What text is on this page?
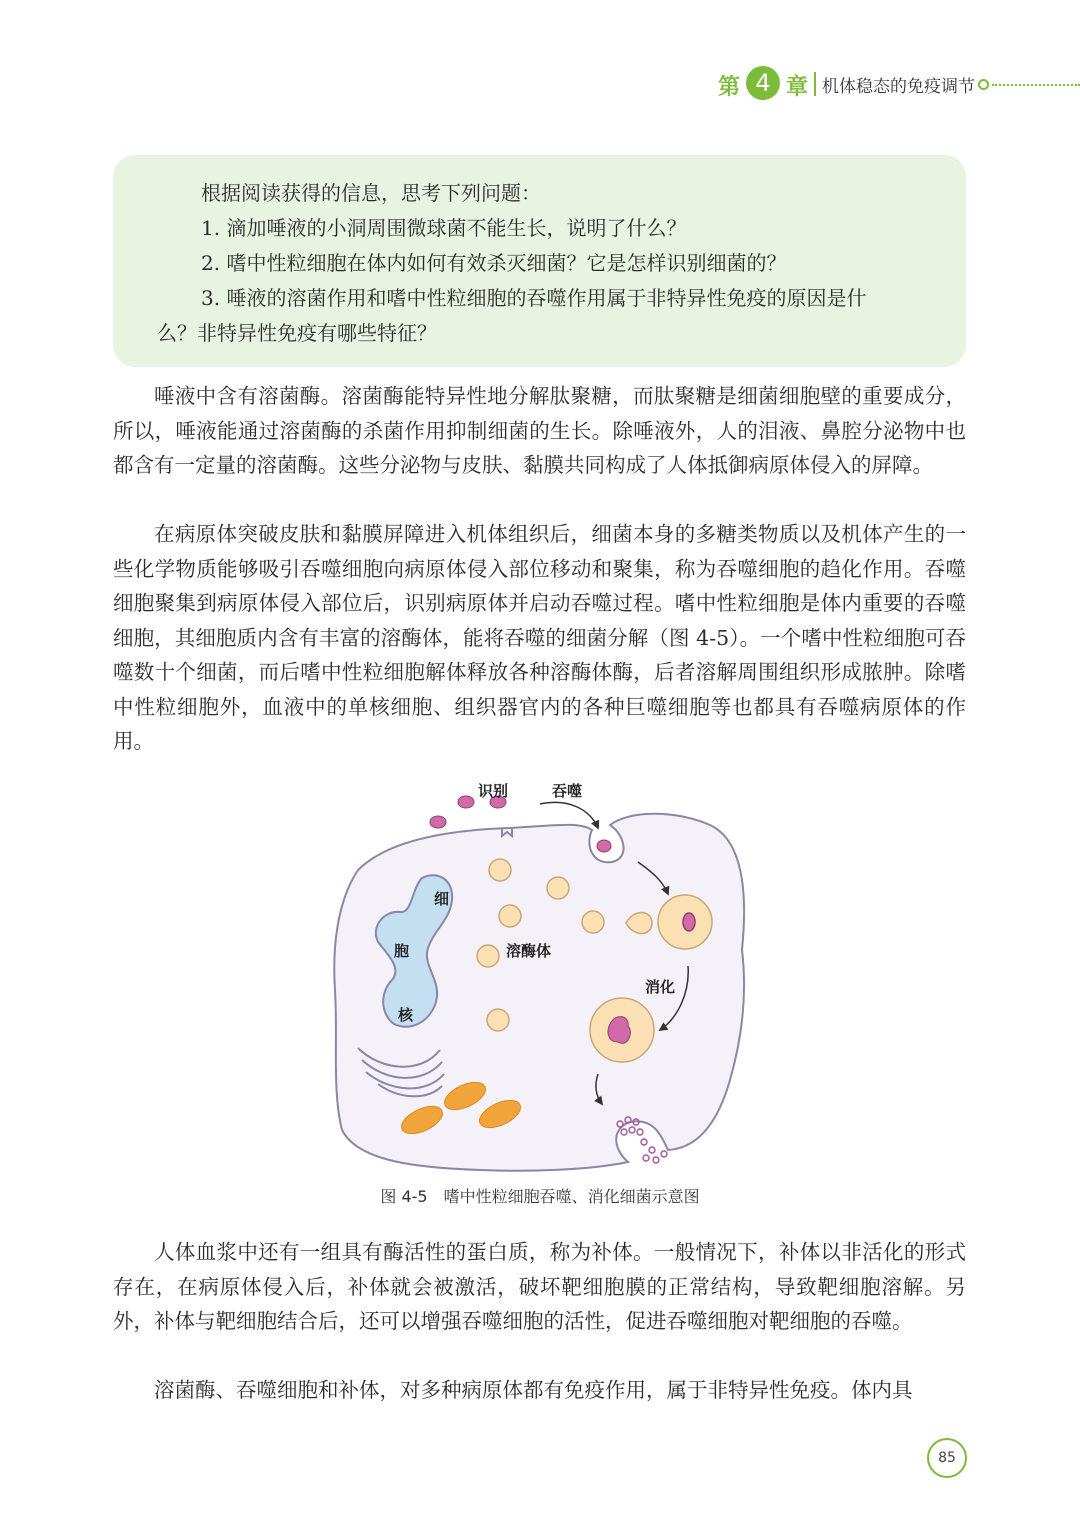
第 4 章 机体稳态的免疫调节
根据阅读获得的信息，思考下列问题：
1. 滴加唾液的小洞周围微球菌不能生长，说明了什么？
2. 嗜中性粒细胞在体内如何有效杀灭细菌？它是怎样识别细菌的？
3. 唾液的溶菌作用和嗜中性粒细胞的吞噬作用属于非特异性免疫的原因是什
么？非特异性免疫有哪些特征？

唾液中含有溶菌酶。溶菌酶能特异性地分解肽聚糖，而肽聚糖是细菌细胞壁的重要成分，所以，唾液能通过溶菌酶的杀菌作用抑制细菌的生长。除唾液外，人的泪液、鼻腔分泌物中也都含有一定量的溶菌酶。这些分泌物与皮肤、黏膜共同构成了人体抵御病原体侵入的屏障。

在病原体突破皮肤和黏膜屏障进入机体组织后，细菌本身的多糖类物质以及机体产生的一些化学物质能够吸引吞噬细胞向病原体侵入部位移动和聚集，称为吞噬细胞的趋化作用。吞噬细胞聚集到病原体侵入部位后，识别病原体并启动吞噬过程。嗜中性粒细胞是体内重要的吞噬细胞，其细胞质内含有丰富的溶酶体，能将吞噬的细菌分解（图 4-5）。一个嗜中性粒细胞可吞噬数十个细菌，而后嗜中性粒细胞解体释放各种溶酶体酶，后者溶解周围组织形成脓肿。除嗜中性粒细胞外，血液中的单核细胞、组织器官内的各种巨噬细胞等也都具有吞噬病原体的作用。

识别	吞噬
细
胞
核
溶酶体
消化
图 4-5　嗜中性粒细胞吞噬、消化细菌示意图

人体血浆中还有一组具有酶活性的蛋白质，称为补体。一般情况下，补体以非活化的形式存在，在病原体侵入后，补体就会被激活，破坏靶细胞膜的正常结构，导致靶细胞溶解。另外，补体与靶细胞结合后，还可以增强吞噬细胞的活性，促进吞噬细胞对靶细胞的吞噬。

溶菌酶、吞噬细胞和补体，对多种病原体都有免疫作用，属于非特异性免疫。体内具

85
